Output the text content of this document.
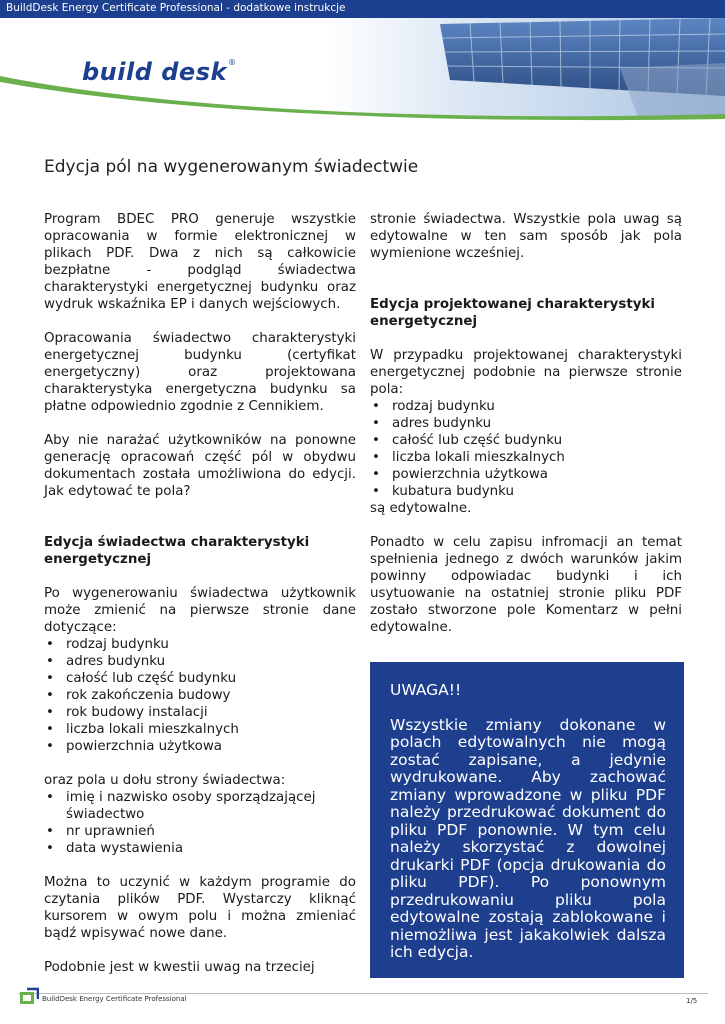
BuildDesk Energy Certificate Professional - dodatkowe instrukcje
build desk®
Edycja pól na wygenerowanym świadectwie

Program BDEC PRO generuje wszystkie opracowania w formie elektronicznej w plikach PDF. Dwa z nich są całkowicie bezpłatne - podgląd świadectwa charakterystyki energetycznej budynku oraz wydruk wskaźnika EP i danych wejściowych.

Opracowania świadectwo charakterystyki energetycznej budynku (certyfikat energetyczny) oraz projektowana charakterystyka energetyczna budynku sa płatne odpowiednio zgodnie z Cennikiem.

Aby nie narażać użytkowników na ponowne generację opracowań część pól w obydwu dokumentach została umożliwiona do edycji. Jak edytować te pola?

Edycja świadectwa charakterystyki energetycznej

Po wygenerowaniu świadectwa użytkownik może zmienić na pierwsze stronie dane dotyczące:

• rodzaj budynku
• adres budynku
• całość lub część budynku
• rok zakończenia budowy
• rok budowy instalacji
• liczba lokali mieszkalnych
• powierzchnia użytkowa

oraz pola u dołu strony świadectwa:

• imię i nazwisko osoby sporządzającej świadectwo
• nr uprawnień
• data wystawienia

Można to uczynić w każdym programie do czytania plików PDF. Wystarczy kliknąć kursorem w owym polu i można zmieniać bądź wpisywać nowe dane.

Podobnie jest w kwestii uwag na trzeciej

stronie świadectwa. Wszystkie pola uwag są edytowalne w ten sam sposób jak pola wymienione wcześniej.

Edycja projektowanej charakterystyki energetycznej

W przypadku projektowanej charakterystyki energetycznej podobnie na pierwsze stronie pola:

• rodzaj budynku
• adres budynku
• całość lub część budynku
• liczba lokali mieszkalnych
• powierzchnia użytkowa
• kubatura budynku

są edytowalne.

Ponadto w celu zapisu infromacji an temat spełnienia jednego z dwóch warunków jakim powinny odpowiadac budynki i ich usytuowanie na ostatniej stronie pliku PDF zostało stworzone pole Komentarz w pełni edytowalne.

UWAGA!!
Wszystkie zmiany dokonane w polach edytowalnych nie mogą zostać zapisane, a jedynie wydrukowane. Aby zachować zmiany wprowadzone w pliku PDF należy przedrukować dokument do pliku PDF ponownie. W tym celu należy skorzystać z dowolnej drukarki PDF (opcja drukowania do pliku PDF). Po ponownym przedrukowaniu pliku pola edytowalne zostają zablokowane i niemożliwa jest jakakolwiek dalsza ich edycja.
BuildDesk Energy Certificate Professional	1/5
